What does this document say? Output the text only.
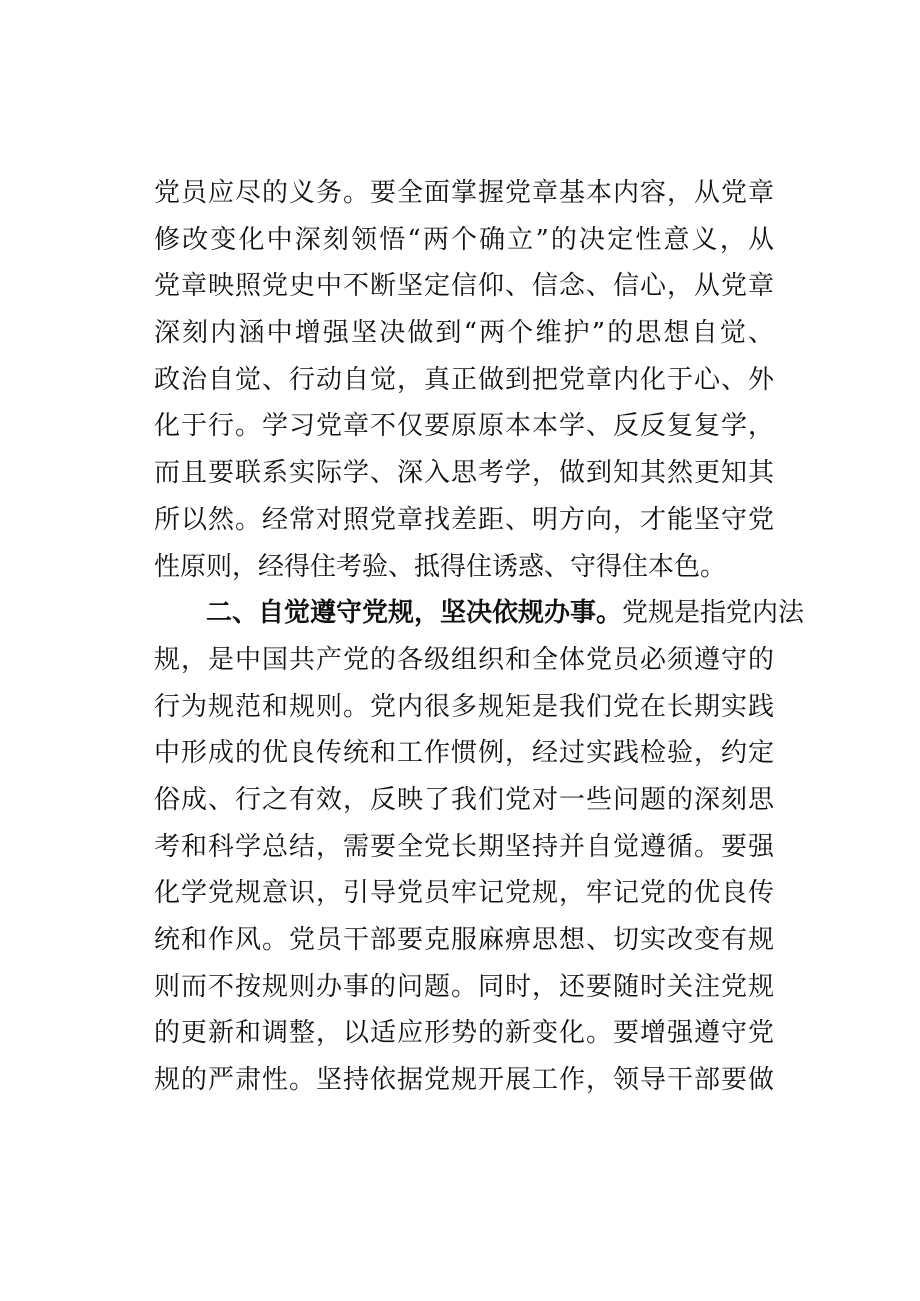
党员应尽的义务。要全面掌握党章基本内容，从党章
修改变化中深刻领悟“两个确立”的决定性意义，从
党章映照党史中不断坚定信仰、信念、信心，从党章
深刻内涵中增强坚决做到“两个维护”的思想自觉、
政治自觉、行动自觉，真正做到把党章内化于心、外
化于行。学习党章不仅要原原本本学、反反复复学，
而且要联系实际学、深入思考学，做到知其然更知其
所以然。经常对照党章找差距、明方向，才能坚守党
性原则，经得住考验、抵得住诱惑、守得住本色。
二、自觉遵守党规，坚决依规办事。党规是指党内法
规，是中国共产党的各级组织和全体党员必须遵守的
行为规范和规则。党内很多规矩是我们党在长期实践
中形成的优良传统和工作惯例，经过实践检验，约定
俗成、行之有效，反映了我们党对一些问题的深刻思
考和科学总结，需要全党长期坚持并自觉遵循。要强
化学党规意识，引导党员牢记党规，牢记党的优良传
统和作风。党员干部要克服麻痹思想、切实改变有规
则而不按规则办事的问题。同时，还要随时关注党规
的更新和调整，以适应形势的新变化。要增强遵守党
规的严肃性。坚持依据党规开展工作，领导干部要做
